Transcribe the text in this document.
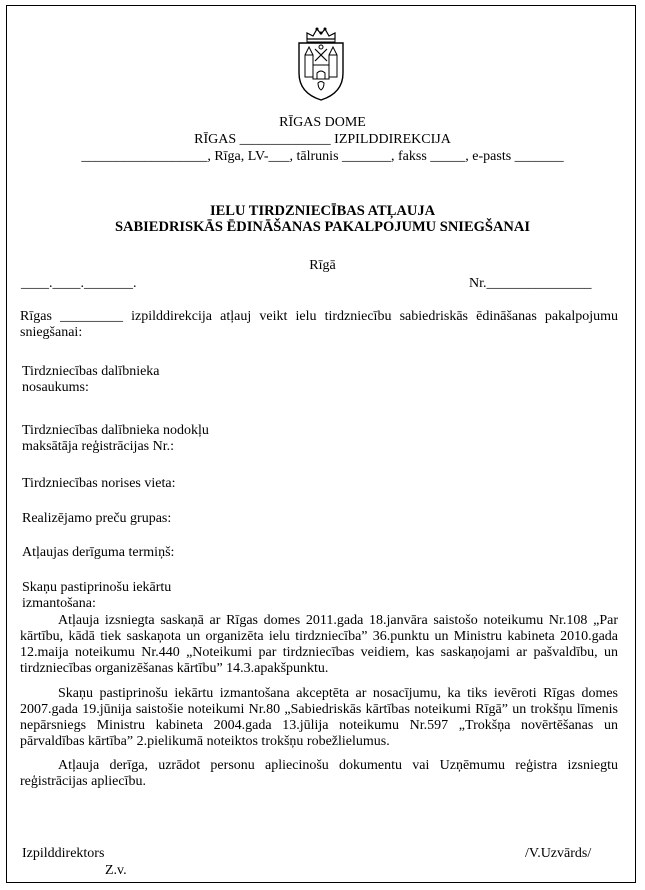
RĪGAS DOME
RĪGAS _____________ IZPILDDIREKCIJA
__________________, Rīga, LV-___, tālrunis _______, fakss _____, e-pasts _______
IELU TIRDZNIECĪBAS ATĻAUJA
SABIEDRISKĀS ĒDINĀŠANAS PAKALPOJUMU SNIEGŠANAI
Rīgā
____.____._______.	Nr._______________
Rīgas _________ izpilddirekcija atļauj veikt ielu tirdzniecību sabiedriskās ēdināšanas pakalpojumu sniegšanai:
Tirdzniecības dalībnieka
nosaukums:
Tirdzniecības dalībnieka nodokļu
maksātāja reģistrācijas Nr.:
Tirdzniecības norises vieta:
Realizējamo preču grupas:
Atļaujas derīguma termiņš:
Skaņu pastiprinošu iekārtu
izmantošana:
Atļauja izsniegta saskaņā ar Rīgas domes 2011.gada 18.janvāra saistošo noteikumu Nr.108 „Par kārtību, kādā tiek saskaņota un organizēta ielu tirdzniecība” 36.punktu un Ministru kabineta 2010.gada 12.maija noteikumu Nr.440 „Noteikumi par tirdzniecības veidiem, kas saskaņojami ar pašvaldību, un tirdzniecības organizēšanas kārtību” 14.3.apakšpunktu.
Skaņu pastiprinošu iekārtu izmantošana akceptēta ar nosacījumu, ka tiks ievēroti Rīgas domes 2007.gada 19.jūnija saistošie noteikumi Nr.80 „Sabiedriskās kārtības noteikumi Rīgā” un trokšņu līmenis nepārsniegs Ministru kabineta 2004.gada 13.jūlija noteikumu Nr.597 „Trokšņa novērtēšanas un pārvaldības kārtība” 2.pielikumā noteiktos trokšņu robežlielumus.
Atļauja derīga, uzrādot personu apliecinošu dokumentu vai Uzņēmumu reģistra izsniegtu reģistrācijas apliecību.
Izpilddirektors	/V.Uzvārds/
Z.v.
